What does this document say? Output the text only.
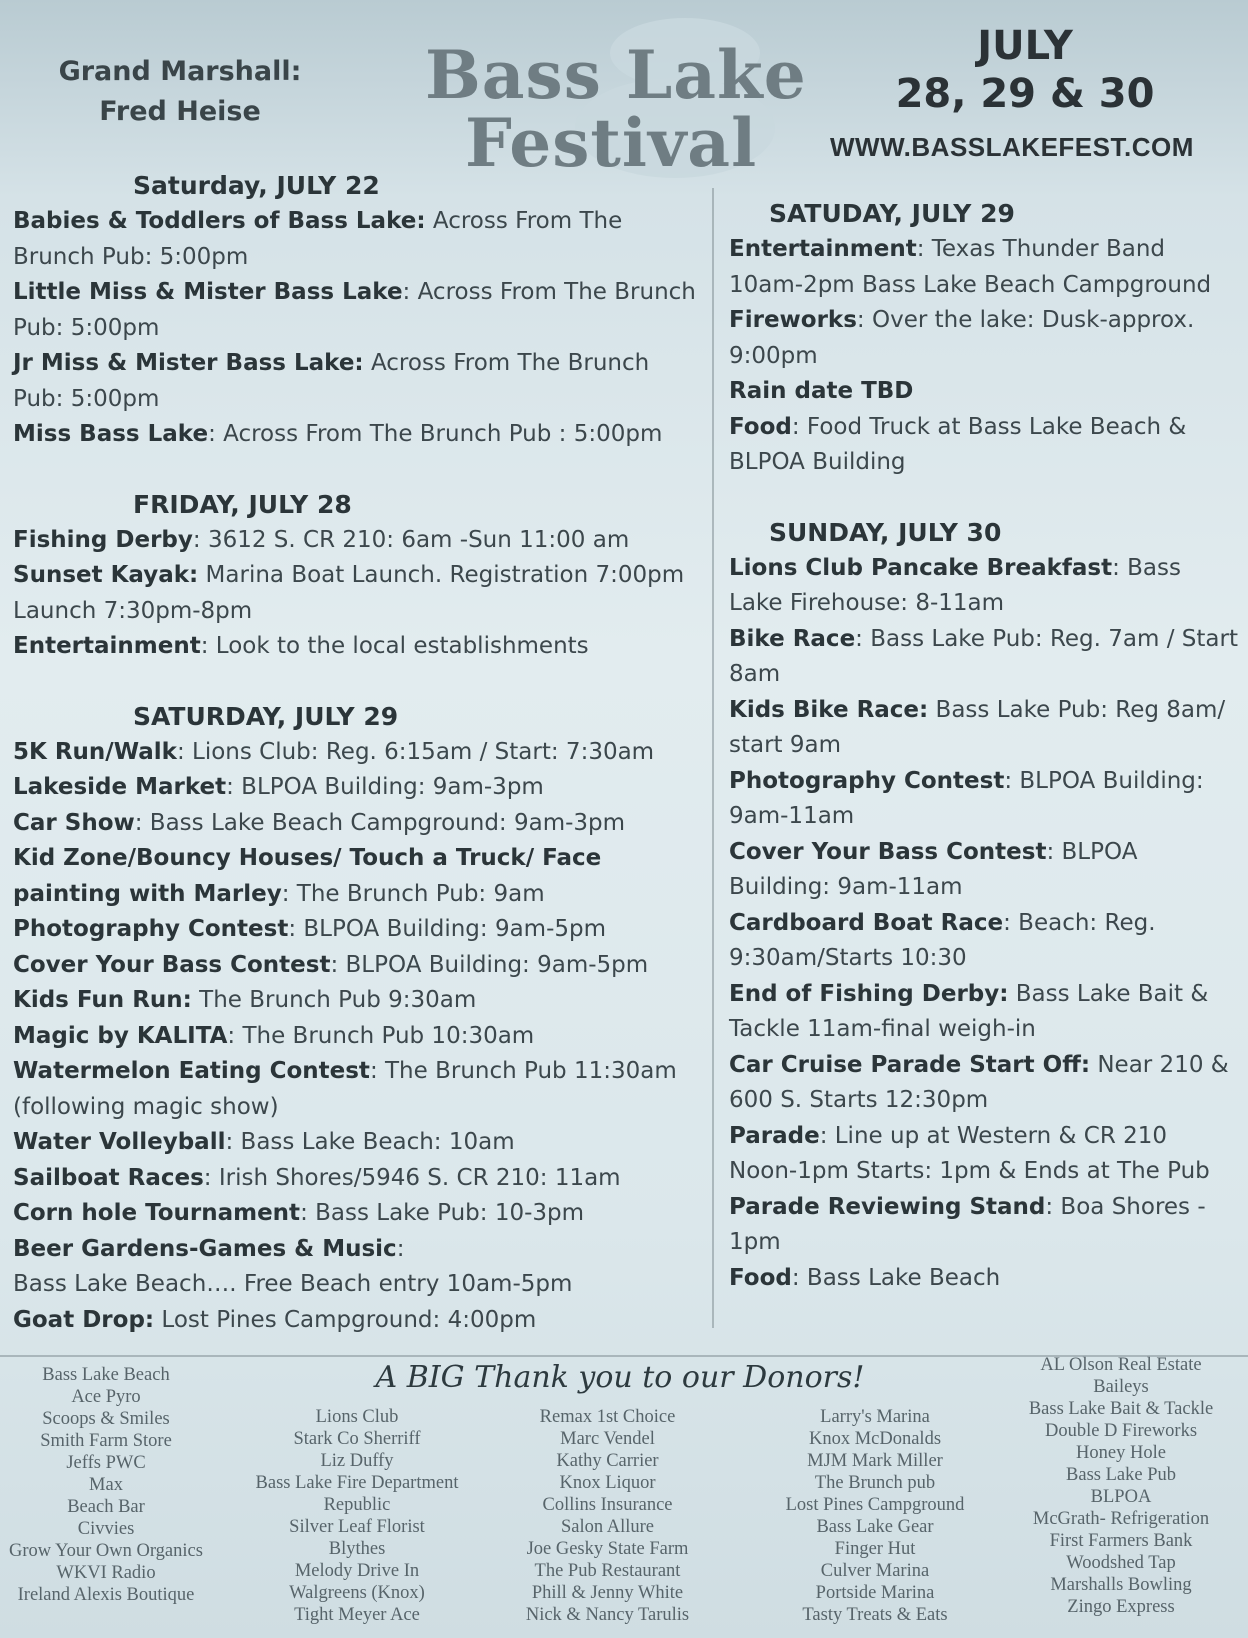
Grand Marshall:
Fred Heise	Bass Lake
Festival
JULY
28, 29 & 30
WWW.BASSLAKEFEST.COM
Saturday, JULY 22
Babies & Toddlers of Bass Lake: Across From The Brunch Pub: 5:00pm
Little Miss & Mister Bass Lake: Across From The Brunch Pub: 5:00pm
Jr Miss & Mister Bass Lake: Across From The Brunch Pub: 5:00pm
Miss Bass Lake: Across From The Brunch Pub : 5:00pm
FRIDAY, JULY 28
Fishing Derby: 3612 S. CR 210: 6am -Sun 11:00 am
Sunset Kayak: Marina Boat Launch. Registration 7:00pm Launch 7:30pm-8pm
Entertainment: Look to the local establishments
SATURDAY, JULY 29
5K Run/Walk: Lions Club: Reg. 6:15am / Start: 7:30am
Lakeside Market: BLPOA Building: 9am-3pm
Car Show: Bass Lake Beach Campground: 9am-3pm
Kid Zone/Bouncy Houses/ Touch a Truck/ Face painting with Marley: The Brunch Pub: 9am
Photography Contest: BLPOA Building: 9am-5pm
Cover Your Bass Contest: BLPOA Building: 9am-5pm
Kids Fun Run: The Brunch Pub 9:30am
Magic by KALITA: The Brunch Pub 10:30am
Watermelon Eating Contest: The Brunch Pub 11:30am (following magic show)
Water Volleyball: Bass Lake Beach: 10am
Sailboat Races: Irish Shores/5946 S. CR 210: 11am
Corn hole Tournament: Bass Lake Pub: 10-3pm
Beer Gardens-Games & Music:
Bass Lake Beach…. Free Beach entry 10am-5pm
Goat Drop: Lost Pines Campground: 4:00pm
SATUDAY, JULY 29
Entertainment: Texas Thunder Band 10am-2pm Bass Lake Beach Campground
Fireworks: Over the lake: Dusk-approx. 9:00pm
Rain date TBD
Food: Food Truck at Bass Lake Beach & BLPOA Building
SUNDAY, JULY 30
Lions Club Pancake Breakfast: Bass Lake Firehouse: 8-11am
Bike Race: Bass Lake Pub: Reg. 7am / Start 8am
Kids Bike Race: Bass Lake Pub: Reg 8am/ start 9am
Photography Contest: BLPOA Building: 9am-11am
Cover Your Bass Contest: BLPOA Building: 9am-11am
Cardboard Boat Race: Beach: Reg. 9:30am/Starts 10:30
End of Fishing Derby: Bass Lake Bait & Tackle 11am-final weigh-in
Car Cruise Parade Start Off: Near 210 & 600 S. Starts 12:30pm
Parade: Line up at Western & CR 210 Noon-1pm Starts: 1pm & Ends at The Pub
Parade Reviewing Stand: Boa Shores - 1pm
Food: Bass Lake Beach
A BIG Thank you to our Donors!
Bass Lake Beach
Ace Pyro
Scoops & Smiles
Smith Farm Store
Jeffs PWC
Max
Beach Bar
Civvies
Grow Your Own Organics
WKVI Radio
Ireland Alexis Boutique
Lions Club
Stark Co Sherriff
Liz Duffy
Bass Lake Fire Department
Republic
Silver Leaf Florist
Blythes
Melody Drive In
Walgreens (Knox)
Tight Meyer Ace
Remax 1st Choice
Marc Vendel
Kathy Carrier
Knox Liquor
Collins Insurance
Salon Allure
Joe Gesky State Farm
The Pub Restaurant
Phill & Jenny White
Nick & Nancy Tarulis
Larry's Marina
Knox McDonalds
MJM Mark Miller
The Brunch pub
Lost Pines Campground
Bass Lake Gear
Finger Hut
Culver Marina
Portside Marina
Tasty Treats & Eats
AL Olson Real Estate
Baileys
Bass Lake Bait & Tackle
Double D Fireworks
Honey Hole
Bass Lake Pub
BLPOA
McGrath- Refrigeration
First Farmers Bank
Woodshed Tap
Marshalls Bowling
Zingo Express
